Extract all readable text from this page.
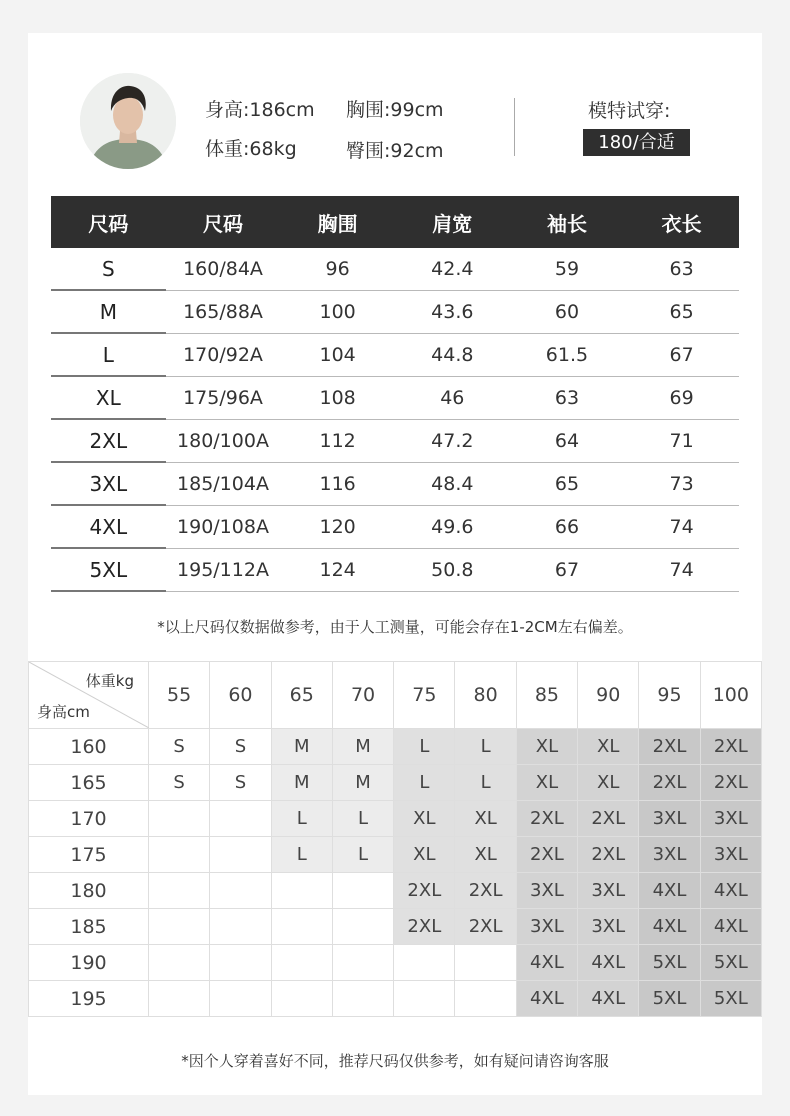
身高:186cm
体重:68kg
胸围:99cm
臀围:92cm
模特试穿:
180/合适
尺码	尺码	胸围	肩宽	袖长	衣长
S	160/84A	96	42.4	59	63
M	165/88A	100	43.6	60	65
L	170/92A	104	44.8	61.5	67
XL	175/96A	108	46	63	69
2XL	180/100A	112	47.2	64	71
3XL	185/104A	116	48.4	65	73
4XL	190/108A	120	49.6	66	74
5XL	195/112A	124	50.8	67	74
*以上尺码仅数据做参考，由于人工测量，可能会存在1-2CM左右偏差。
体重kg
身高cm	55	60	65	70	75	80	85	90	95	100
160	S	S	M	M	L	L	XL	XL	2XL	2XL
165	S	S	M	M	L	L	XL	XL	2XL	2XL
170			L	L	XL	XL	2XL	2XL	3XL	3XL
175			L	L	XL	XL	2XL	2XL	3XL	3XL
180					2XL	2XL	3XL	3XL	4XL	4XL
185					2XL	2XL	3XL	3XL	4XL	4XL
190							4XL	4XL	5XL	5XL
195							4XL	4XL	5XL	5XL
*因个人穿着喜好不同，推荐尺码仅供参考，如有疑问请咨询客服
